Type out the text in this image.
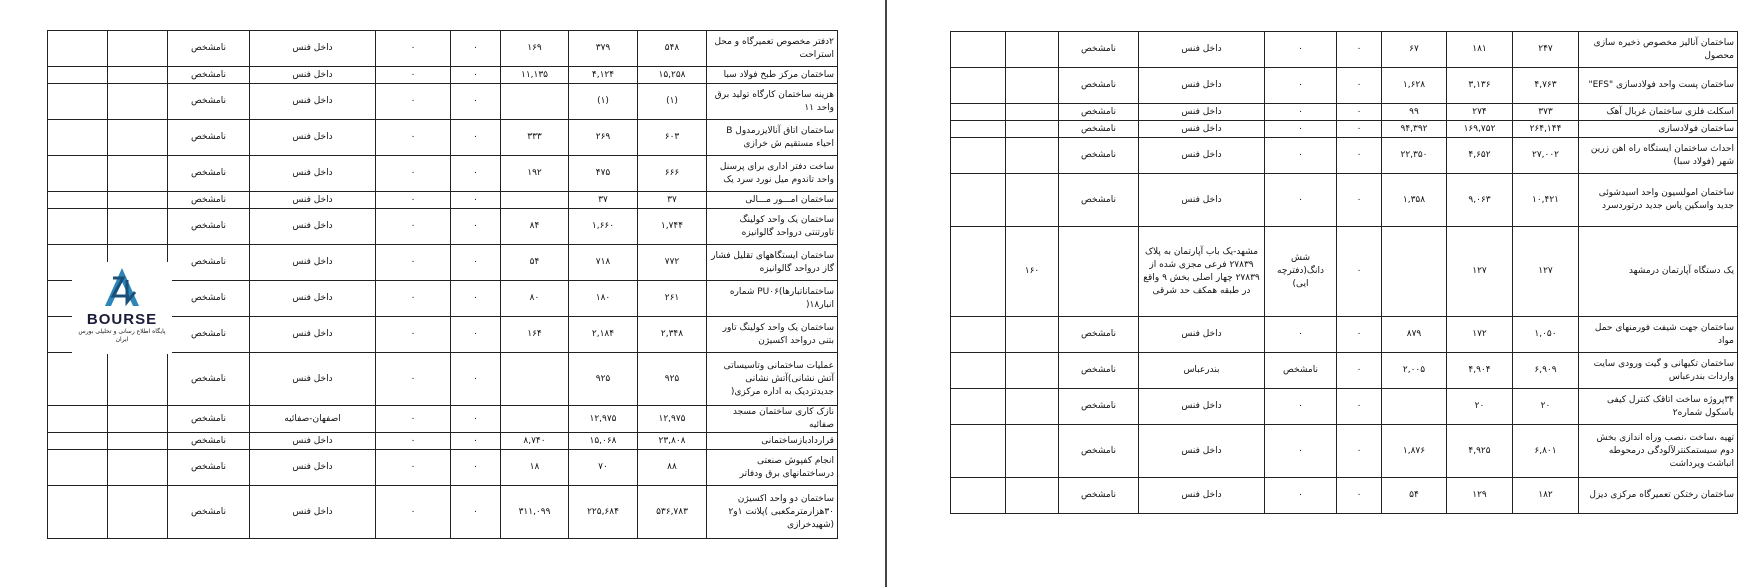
		نامشخص	داخل فنس	۰	۰	۱۶۹	۳۷۹	۵۴۸	۲دفتر مخصوص تعمیرگاه و محل استراحت
		نامشخص	داخل فنس	۰	۰	۱۱,۱۳۵	۴,۱۲۴	۱۵,۲۵۸	ساختمان مرکز طبخ فولاد سبا
		نامشخص	داخل فنس	۰	۰		(۱)	(۱)	هزینه ساختمان کارگاه تولید برق واحد ۱۱
		نامشخص	داخل فنس	۰	۰	۳۳۳	۲۶۹	۶۰۳	ساختمان اتاق آنالایزرمدول B احیاء مستقیم ش خرازی
		نامشخص	داخل فنس	۰	۰	۱۹۲	۴۷۵	۶۶۶	ساخت دفتر اداری برای پرسنل واحد تاندوم میل نورد سرد یک
		نامشخص	داخل فنس	۰	۰		۳۷	۳۷	ساختمان امـــور مـــالی
		نامشخص	داخل فنس	۰	۰	۸۴	۱,۶۶۰	۱,۷۴۴	ساختمان یک واحد کولینگ تاورتنتی درواحد گالوانیزه
		نامشخص	داخل فنس	۰	۰	۵۴	۷۱۸	۷۷۲	ساختمان ایستگاههای تقلیل فشار گاز درواحد گالوانیزه
		نامشخص	داخل فنس	۰	۰	۸۰	۱۸۰	۲۶۱	ساختماناتبارها)PU۰۶ شماره انبار۱۸(
		نامشخص	داخل فنس	۰	۰	۱۶۴	۲,۱۸۴	۲,۳۴۸	ساختمان یک واحد کولینگ تاور بتنی درواحد اکسیژن
		نامشخص	داخل فنس	۰	۰		۹۲۵	۹۲۵	عملیات ساختمانی وتاسیساتی آتش نشانی)آتش نشانی جدیدتزدیک به اداره مرکزی(
		نامشخص	اصفهان-صفائیه	۰	۰		۱۲,۹۷۵	۱۲,۹۷۵	نازک کاری ساختمان مسجد صفائیه
		نامشخص	داخل فنس	۰	۰	۸,۷۴۰	۱۵,۰۶۸	۲۳,۸۰۸	قراردادبازساختمانی
		نامشخص	داخل فنس	۰	۰	۱۸	۷۰	۸۸	انجام کفپوش صنعتی درساختمانهای برق ودفاتر
		نامشخص	داخل فنس	۰	۰	۳۱۱,۰۹۹	۲۲۵,۶۸۴	۵۳۶,۷۸۳	ساختمان دو واحد اکسیژن ۳۰هزارمترمکعبی )پلانت ۱و۲ (شهیدخرازی
BOURSE
پایگاه اطلاع رسانی و تحلیلی بورس ایران
		نامشخص	داخل فنس	۰	۰	۶۷	۱۸۱	۲۴۷	ساختمان آنالیز مخصوص ذخیره سازی محصول
		نامشخص	داخل فنس	۰	۰	۱,۶۲۸	۳,۱۳۶	۴,۷۶۳	ساختمان پست واحد فولادسازی "EFS"
		نامشخص	داخل فنس	۰	۰	۹۹	۲۷۴	۳۷۳	اسکلت فلزی ساختمان غربال آهک
		نامشخص	داخل فنس	۰	۰	۹۴,۳۹۲	۱۶۹,۷۵۲	۲۶۴,۱۴۴	ساختمان فولادسازی
		نامشخص	داخل فنس	۰	۰	۲۲,۳۵۰	۴,۶۵۲	۲۷,۰۰۲	احداث ساختمان ایستگاه راه اهن زرین شهر (فولاد سبا)
		نامشخص	داخل فنس	۰	۰	۱,۳۵۸	۹,۰۶۳	۱۰,۴۲۱	ساختمان امولسیون واحد اسیدشوئی جدید واسکین پاس جدید درتوردسرد
	۱۶۰		مشهد-یک باب آپارتمان به پلاک ۲۷۸۳۹ فرعی مجزی شده از ۲۷۸۳۹ چهار اصلی بخش ۹ واقع در طبقه همکف حد شرقی	شش دانگ(دفترچه ایی)	۰		۱۲۷	۱۲۷	یک دستگاه آپارتمان درمشهد
		نامشخص	داخل فنس	۰	۰	۸۷۹	۱۷۲	۱,۰۵۰	ساختمان جهت شیفت فورمنهای حمل مواد
		نامشخص	بندرعباس	نامشخص	۰	۲,۰۰۵	۴,۹۰۴	۶,۹۰۹	ساختمان تکیهانی و گیت ورودی سایت واردات بندرعباس
		نامشخص	داخل فنس	۰	۰		۲۰	۲۰	۳۴پروژه ساخت اتاقک کنترل کیفی باسکول شماره۲
		نامشخص	داخل فنس	۰	۰	۱,۸۷۶	۴,۹۲۵	۶,۸۰۱	تهیه ،ساخت ،نصب وراه اندازی بخش دوم سیستمکنترلآلودگی درمحوطه انباشت ویرداشت
		نامشخص	داخل فنس	۰	۰	۵۴	۱۲۹	۱۸۲	ساختمان رختکن تعمیرگاه مرکزی دیزل
